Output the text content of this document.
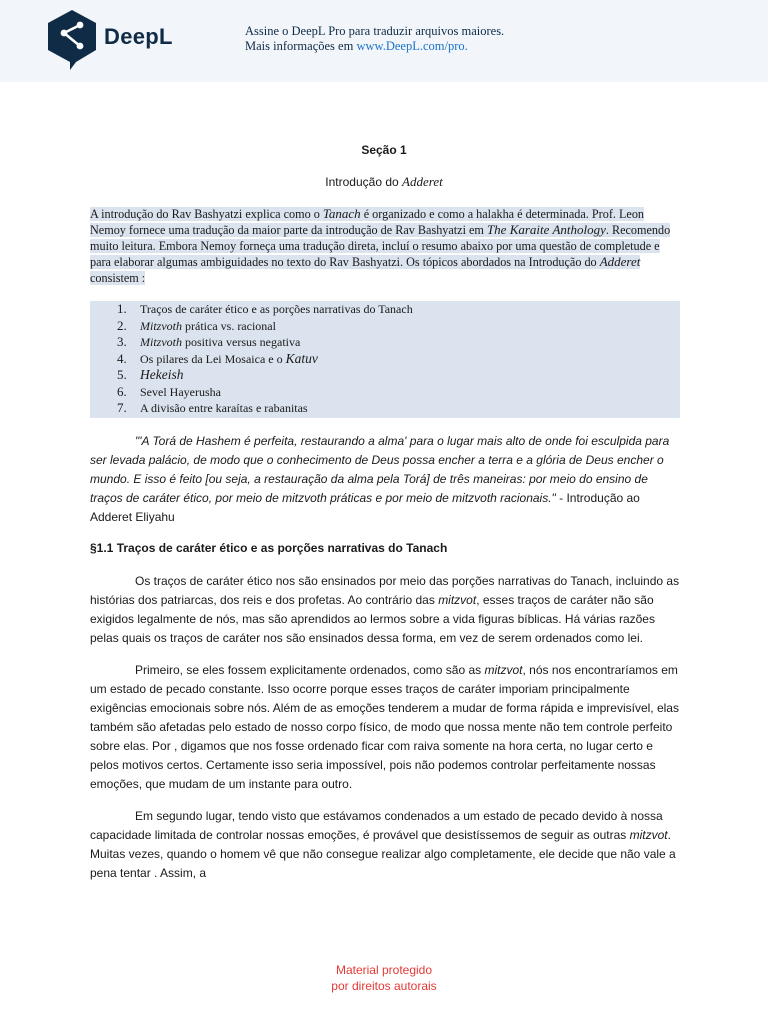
DeepL	Assine o DeepL Pro para traduzir arquivos maiores.
Mais informações em www.DeepL.com/pro.
Seção 1
Introdução do Adderet
A introdução do Rav Bashyatzi explica como o Tanach é organizado e como a halakha é determinada. Prof. Leon Nemoy fornece uma tradução da maior parte da introdução de Rav Bashyatzi em The Karaite Anthology. Recomendo muito leitura. Embora Nemoy forneça uma tradução direta, incluí o resumo abaixo por uma questão de completude e para elaborar algumas ambiguidades no texto do Rav Bashyatzi. Os tópicos abordados na Introdução do Adderet consistem :
1. Traços de caráter ético e as porções narrativas do Tanach
2. Mitzvoth prática vs. racional
3. Mitzvoth positiva versus negativa
4. Os pilares da Lei Mosaica e o Katuv
5. Hekeish
6. Sevel Hayerusha
7. A divisão entre karaítas e rabanitas
"'A Torá de Hashem é perfeita, restaurando a alma' para o lugar mais alto de onde foi esculpida para ser levada palácio, de modo que o conhecimento de Deus possa encher a terra e a glória de Deus encher o mundo. E isso é feito [ou seja, a restauração da alma pela Torá] de três maneiras: por meio do ensino de traços de caráter ético, por meio de mitzvoth práticas e por meio de mitzvoth racionais." - Introdução ao Adderet Eliyahu
§1.1 Traços de caráter ético e as porções narrativas do Tanach

Os traços de caráter ético nos são ensinados por meio das porções narrativas do Tanach, incluindo as histórias dos patriarcas, dos reis e dos profetas. Ao contrário das mitzvot, esses traços de caráter não são exigidos legalmente de nós, mas são aprendidos ao lermos sobre a vida figuras bíblicas. Há várias razões pelas quais os traços de caráter nos são ensinados dessa forma, em vez de serem ordenados como lei.

Primeiro, se eles fossem explicitamente ordenados, como são as mitzvot, nós nos encontraríamos em um estado de pecado constante. Isso ocorre porque esses traços de caráter imporiam principalmente exigências emocionais sobre nós. Além de as emoções tenderem a mudar de forma rápida e imprevisível, elas também são afetadas pelo estado de nosso corpo físico, de modo que nossa mente não tem controle perfeito sobre elas. Por , digamos que nos fosse ordenado ficar com raiva somente na hora certa, no lugar certo e pelos motivos certos. Certamente isso seria impossível, pois não podemos controlar perfeitamente nossas emoções, que mudam de um instante para outro.

Em segundo lugar, tendo visto que estávamos condenados a um estado de pecado devido à nossa capacidade limitada de controlar nossas emoções, é provável que desistíssemos de seguir as outras mitzvot. Muitas vezes, quando o homem vê que não consegue realizar algo completamente, ele decide que não vale a pena tentar . Assim, a

Material protegido
por direitos autorais
